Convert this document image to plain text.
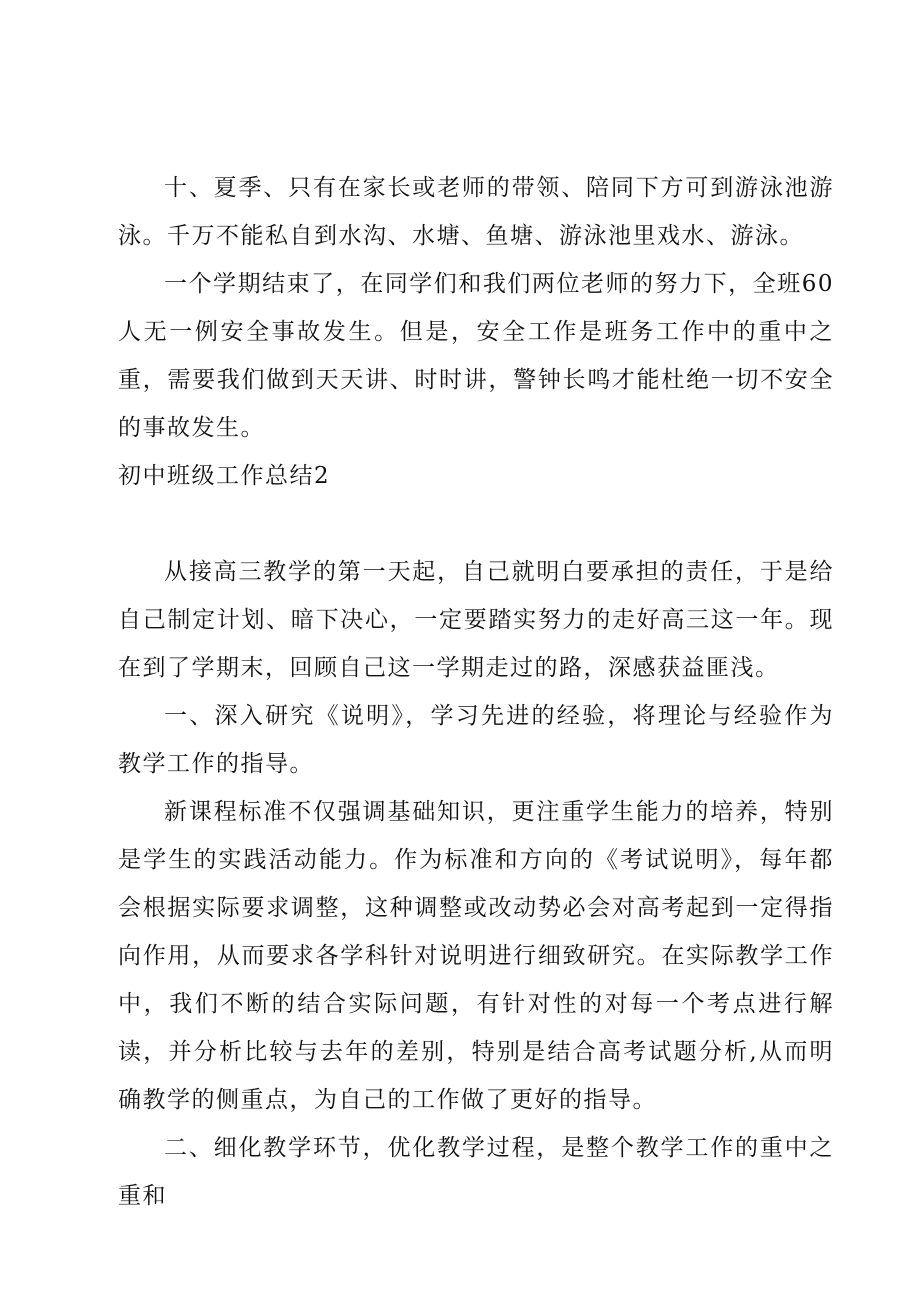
十、夏季、只有在家长或老师的带领、陪同下方可到游泳池游泳。千万不能私自到水沟、水塘、鱼塘、游泳池里戏水、游泳。

一个学期结束了，在同学们和我们两位老师的努力下，全班60人无一例安全事故发生。但是，安全工作是班务工作中的重中之重，需要我们做到天天讲、时时讲，警钟长鸣才能杜绝一切不安全的事故发生。

初中班级工作总结2

从接高三教学的第一天起，自己就明白要承担的责任，于是给自己制定计划、暗下决心，一定要踏实努力的走好高三这一年。现在到了学期末，回顾自己这一学期走过的路，深感获益匪浅。

一、深入研究《说明》，学习先进的经验，将理论与经验作为教学工作的指导。

新课程标准不仅强调基础知识，更注重学生能力的培养，特别是学生的实践活动能力。作为标准和方向的《考试说明》，每年都会根据实际要求调整，这种调整或改动势必会对高考起到一定得指向作用，从而要求各学科针对说明进行细致研究。在实际教学工作中，我们不断的结合实际问题，有针对性的对每一个考点进行解读，并分析比较与去年的差别，特别是结合高考试题分析,从而明确教学的侧重点，为自己的工作做了更好的指导。

二、细化教学环节，优化教学过程，是整个教学工作的重中之重和
